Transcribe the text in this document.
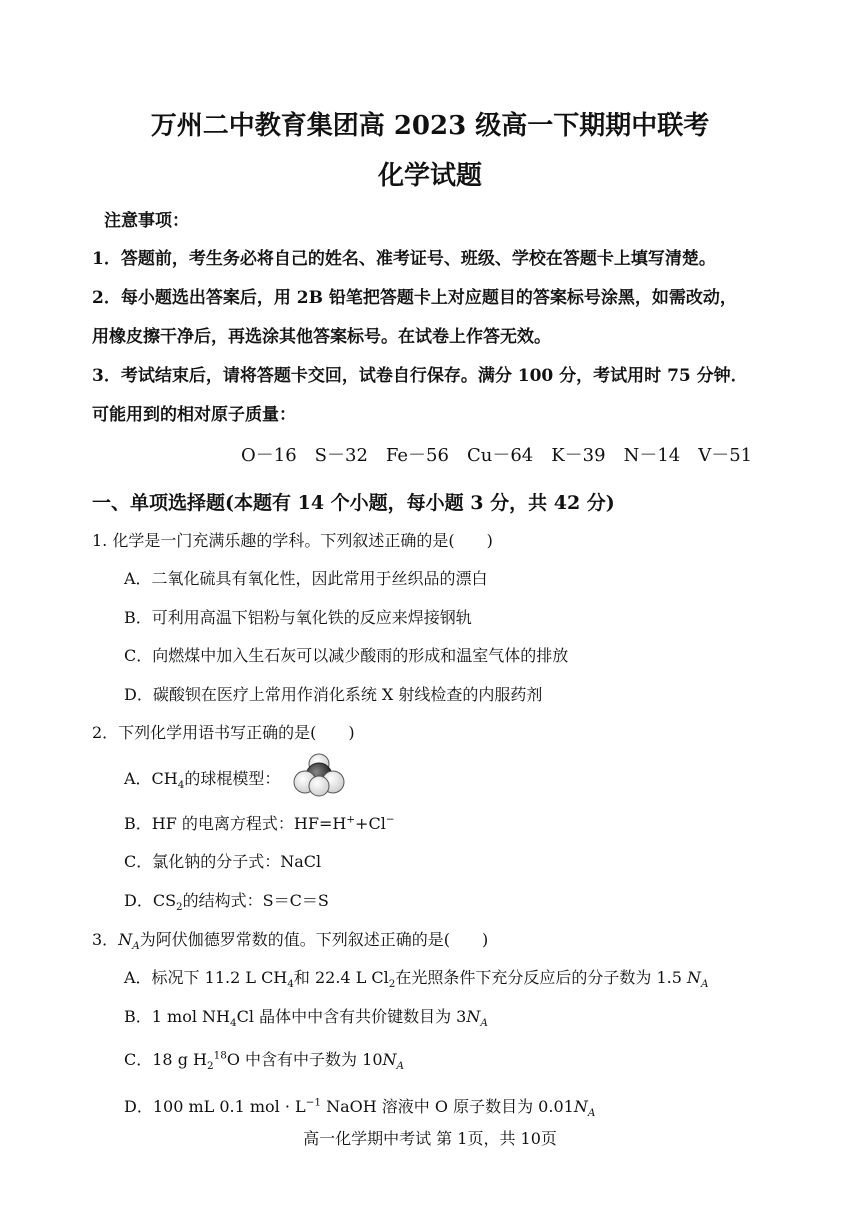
万州二中教育集团高 2023 级高一下期期中联考
化学试题
注意事项：
1．答题前，考生务必将自己的姓名、准考证号、班级、学校在答题卡上填写清楚。
2．每小题选出答案后，用 2B 铅笔把答题卡上对应题目的答案标号涂黑，如需改动，
用橡皮擦干净后，再选涂其他答案标号。在试卷上作答无效。
3．考试结束后，请将答题卡交回，试卷自行保存。满分 100 分，考试用时 75 分钟．
可能用到的相对原子质量：
O－16　S－32　Fe－56　Cu－64　K－39　N－14　V－51
一、单项选择题(本题有 14 个小题，每小题 3 分，共 42 分)
1. 化学是一门充满乐趣的学科。下列叙述正确的是(　　)
A．二氧化硫具有氧化性，因此常用于丝织品的漂白
B．可利用高温下铝粉与氧化铁的反应来焊接钢轨
C．向燃煤中加入生石灰可以减少酸雨的形成和温室气体的排放
D．碳酸钡在医疗上常用作消化系统 X 射线检查的内服药剂
2．下列化学用语书写正确的是(　　)
A．$CH_4$的球棍模型：
B．HF 的电离方程式：HF=H++Cl−
C．氯化钠的分子式：NaCl
D．$CS_2$的结构式：S＝C＝S
3．$N_A$为阿伏伽德罗常数的值。下列叙述正确的是(　　)
A．标况下 11.2 L $CH_4$和 22.4 L $Cl_2$在光照条件下充分反应后的分子数为 1.5 $N_A$
B．1 mol $NH_4Cl$ 晶体中中含有共价键数目为 $3N_A$
C．18 g $H_2^{18}O$ 中含有中子数为 $10N_A$
D．100 mL 0.1 mol · $L^{-1}$ NaOH 溶液中 O 原子数目为 $0.01N_A$
高一化学期中考试 第 1页，共 10页
